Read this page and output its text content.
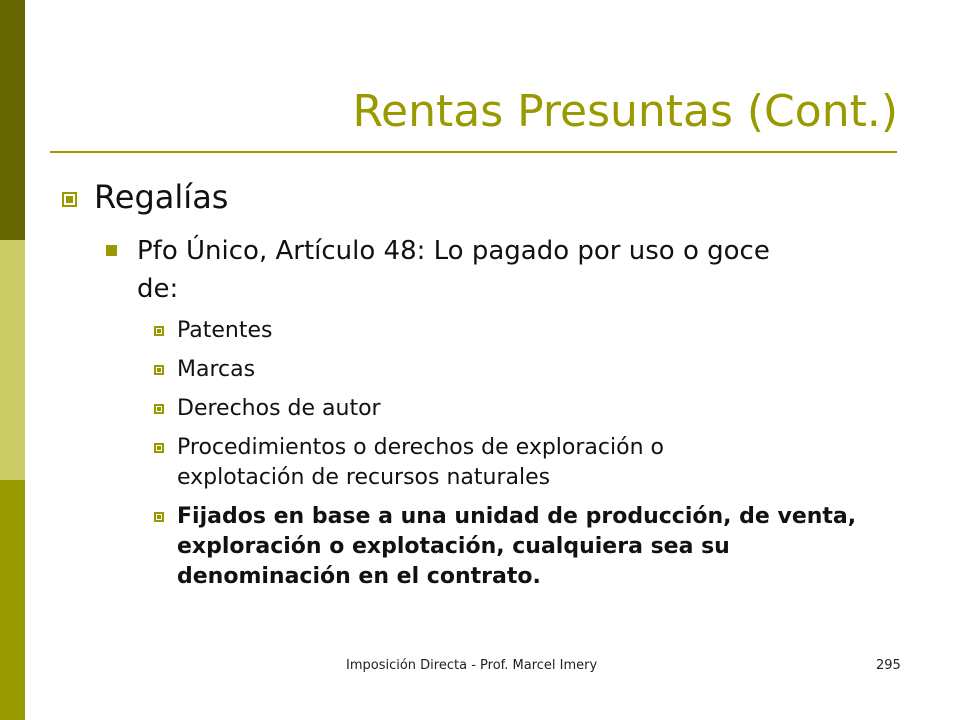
Rentas Presuntas (Cont.)
Regalías
Pfo Único, Artículo 48: Lo pagado por uso o goce de:
Patentes
Marcas
Derechos de autor
Procedimientos o derechos de exploración o explotación de recursos naturales
Fijados en base a una unidad de producción, de venta, exploración o explotación, cualquiera sea su denominación en el contrato.
Imposición Directa - Prof. Marcel Imery	295
